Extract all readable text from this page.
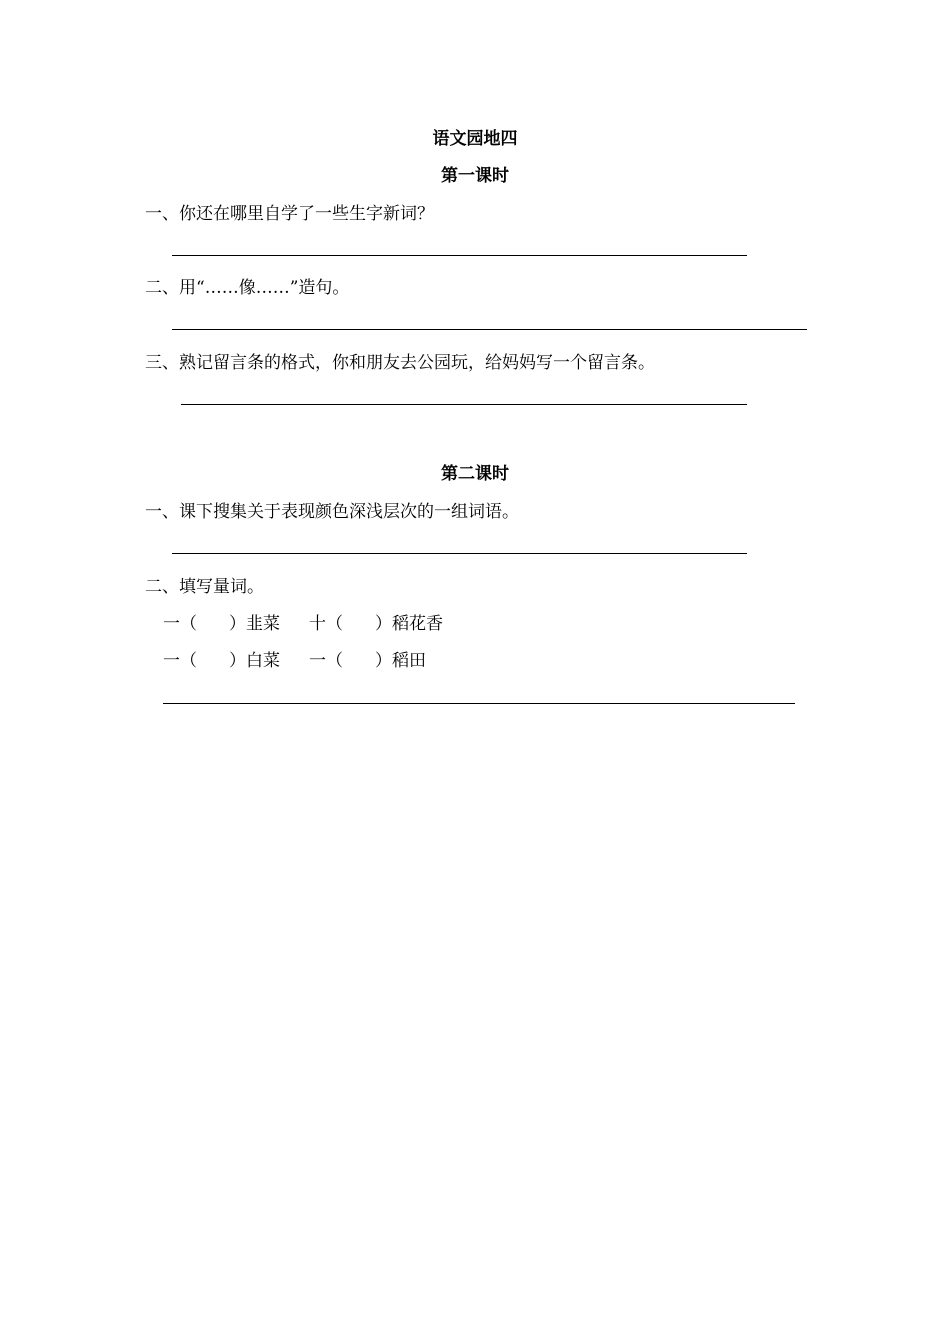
语文园地四
第一课时
一、你还在哪里自学了一些生字新词？
二、用“……像……”造句。
三、熟记留言条的格式，你和朋友去公园玩，给妈妈写一个留言条。
第二课时
一、课下搜集关于表现颜色深浅层次的一组词语。
二、填写量词。
一（ ）韭菜 十（ ）稻花香
一（ ）白菜 一（ ）稻田
